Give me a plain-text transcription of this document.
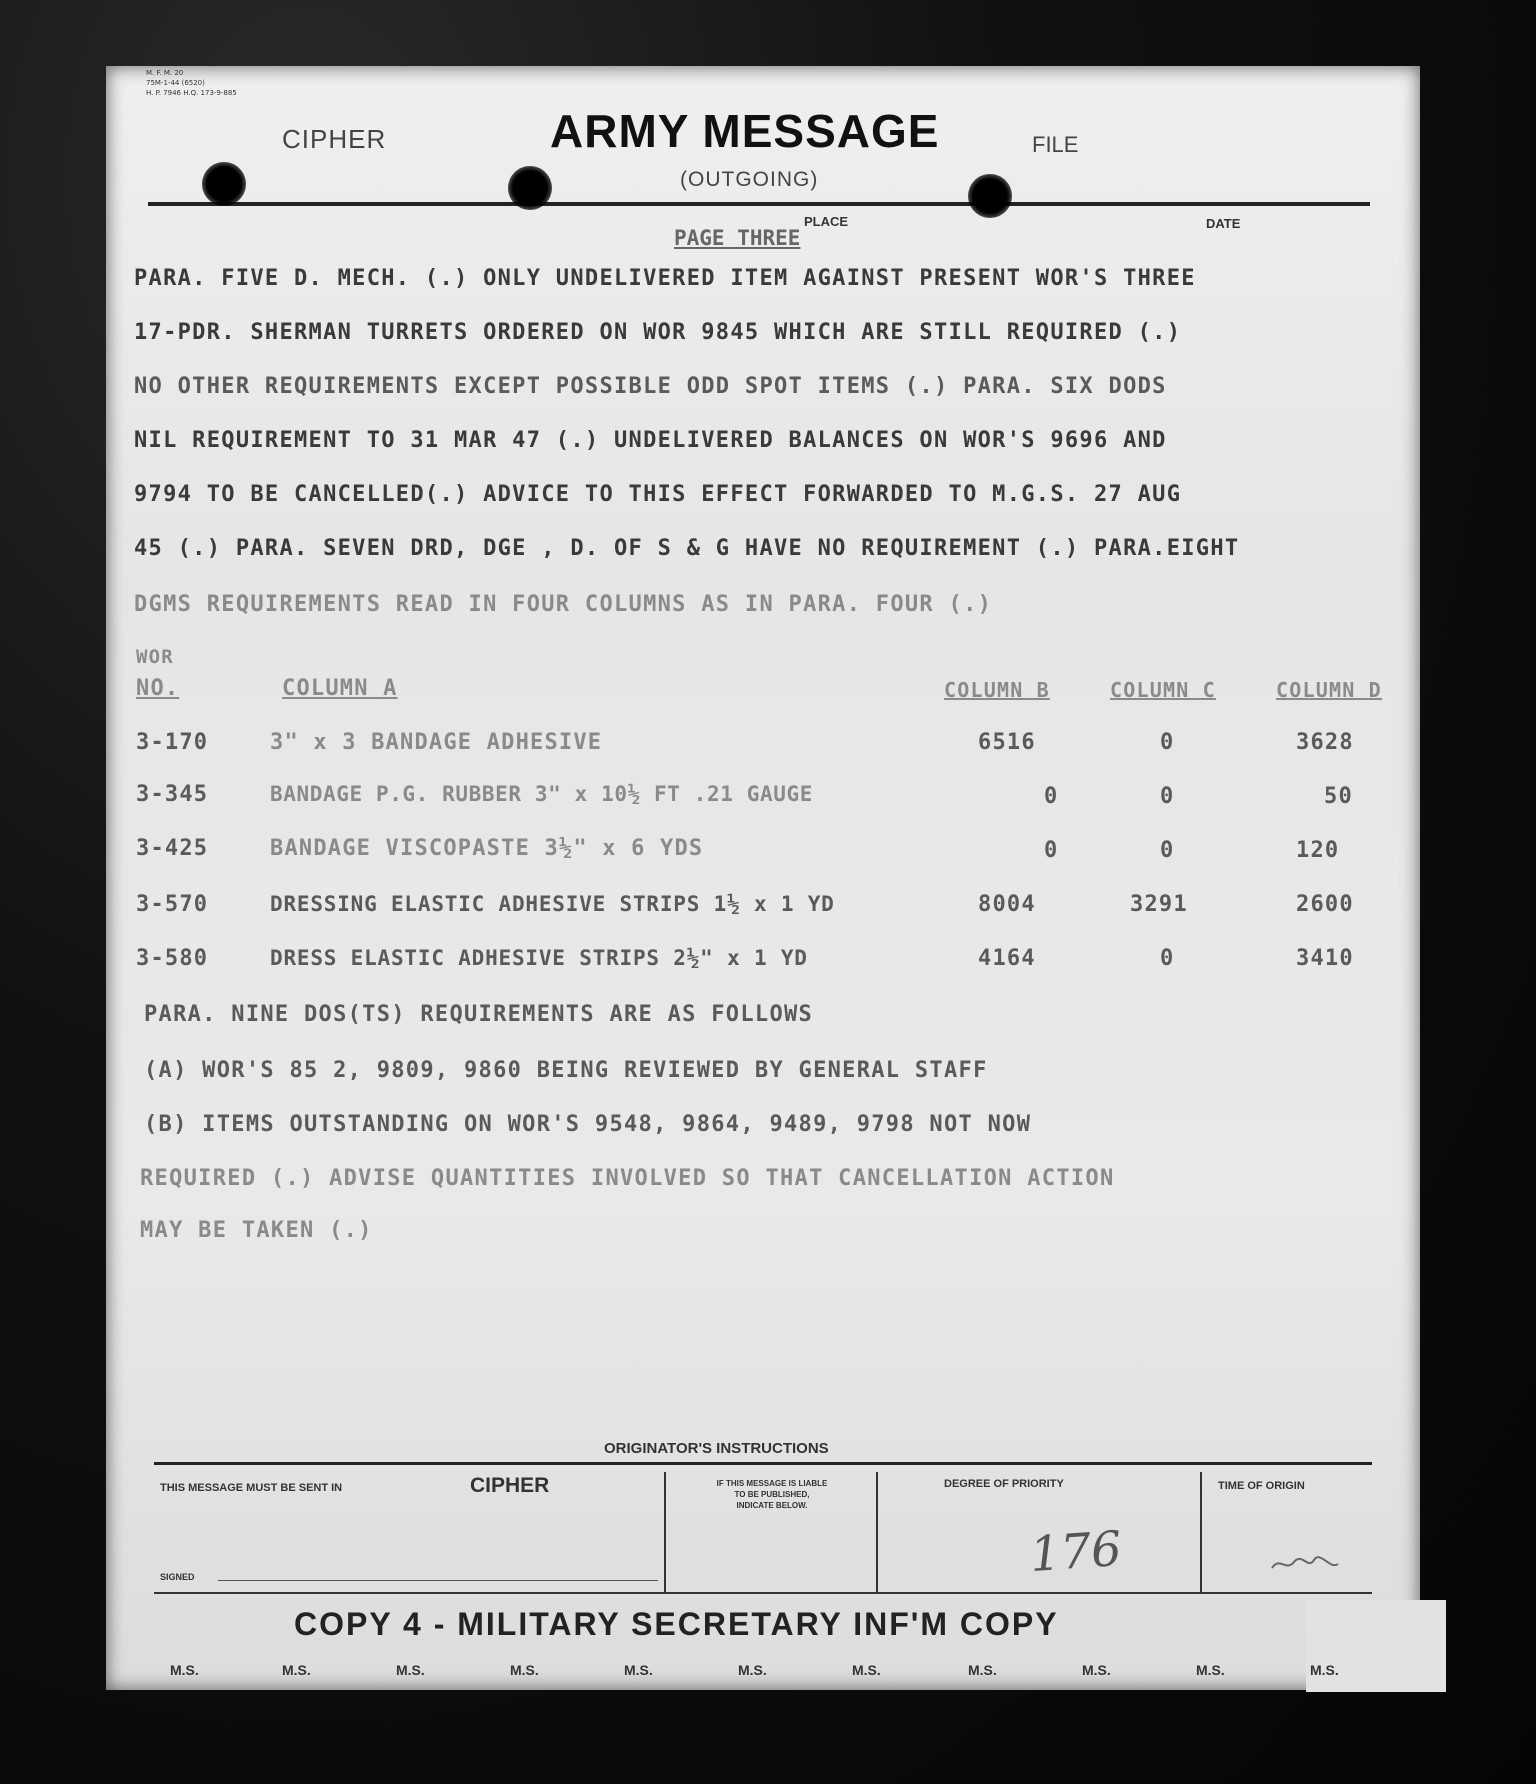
M. F. M. 20
75M-1-44 (6520)
H. P. 7946 H.Q. 173-9-885
CIPHER	ARMY MESSAGE
(OUTGOING)
FILE
PLACE	DATE
PAGE THREE
PARA. FIVE D. MECH. (.) ONLY UNDELIVERED ITEM AGAINST PRESENT WOR'S THREE
17-PDR. SHERMAN TURRETS ORDERED ON WOR 9845 WHICH ARE STILL REQUIRED (.)
NO OTHER REQUIREMENTS EXCEPT POSSIBLE ODD SPOT ITEMS (.) PARA. SIX DODS
NIL REQUIREMENT TO 31 MAR 47 (.) UNDELIVERED BALANCES ON WOR'S 9696 AND
9794 TO BE CANCELLED(.) ADVICE TO THIS EFFECT FORWARDED TO M.G.S. 27 AUG
45 (.) PARA. SEVEN DRD, DGE , D. OF S & G HAVE NO REQUIREMENT (.) PARA.EIGHT
DGMS REQUIREMENTS READ IN FOUR COLUMNS AS IN PARA. FOUR (.)
WOR
NO.	COLUMN A	COLUMN B	COLUMN C	COLUMN D
3-170	3" x 3 BANDAGE ADHESIVE	6516	0	3628
3-345	BANDAGE P.G. RUBBER 3" x 10½ FT .21 GAUGE	0	0	50
3-425	BANDAGE VISCOPASTE 3½" x 6 YDS	0	0	120
3-570	DRESSING ELASTIC ADHESIVE STRIPS 1½ x 1 YD	8004	3291	2600
3-580	DRESS ELASTIC ADHESIVE STRIPS 2½" x 1 YD	4164	0	3410
PARA. NINE DOS(TS) REQUIREMENTS ARE AS FOLLOWS
(A) WOR'S 85 2, 9809, 9860 BEING REVIEWED BY GENERAL STAFF
(B) ITEMS OUTSTANDING ON WOR'S 9548, 9864, 9489, 9798 NOT NOW
REQUIRED (.) ADVISE QUANTITIES INVOLVED SO THAT CANCELLATION ACTION
MAY BE TAKEN (.)
ORIGINATOR'S INSTRUCTIONS
THIS MESSAGE MUST BE SENT IN	CIPHER	IF THIS MESSAGE IS LIABLE
TO BE PUBLISHED,
INDICATE BELOW.
DEGREE OF PRIORITY
176
TIME OF ORIGIN
SIGNED
COPY 4 - MILITARY SECRETARY INF'M COPY
M.S.	M.S.	M.S.	M.S.	M.S.	M.S.	M.S.	M.S.	M.S.	M.S.	M.S.
